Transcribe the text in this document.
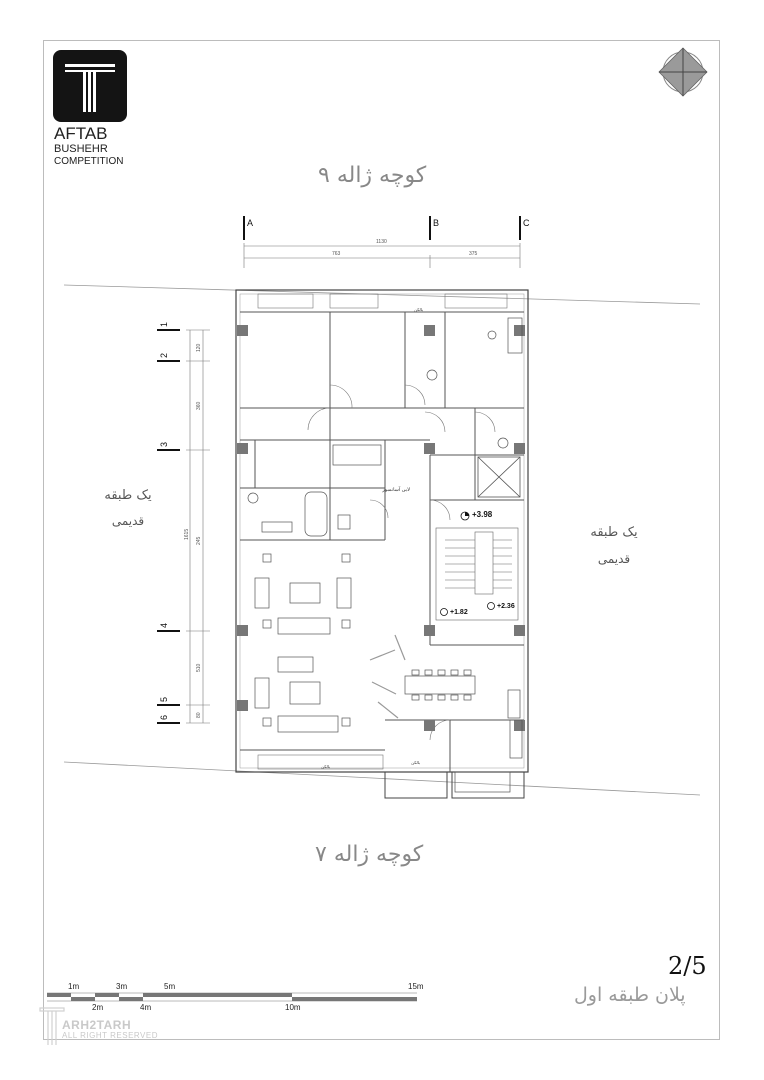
AFTAB
BUSHEHR
COMPETITION
کوچه ژاله ۹
کوچه ژاله ۷
یک طبقه
قدیمی
یک طبقه
قدیمی
A	B	C
1130
763	375
1
2
3
4
5
6
1615
120
360
245
510
80
+3.98
+1.82
+2.36
بالکن
بالکن
بالکن
لابی آسانسور
1m
2m
3m
4m
5m
10m
15m
2/5
پلان طبقه اول
ARH2TARH
ALL RIGHT RESERVED
